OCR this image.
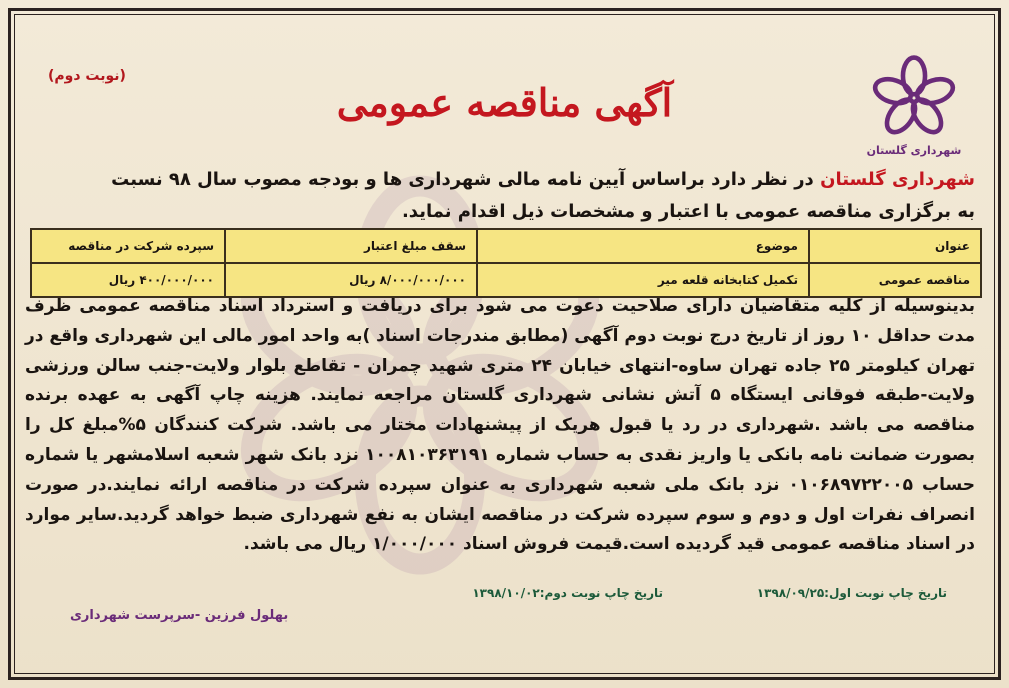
شهرداری گلستان
(نوبت دوم)
آگهی مناقصه عمومی
شهرداری گلستان در نظر دارد براساس آیین نامه مالی شهرداری ها و بودجه مصوب سال ۹۸ نسبت
به برگزاری مناقصه عمومی با اعتبار و مشخصات ذیل اقدام نماید.
عنوان	موضوع	سقف مبلغ اعتبار	سپرده شرکت در مناقصه
مناقصه عمومی	تکمیل کتابخانه قلعه میر	۸/۰۰۰/۰۰۰/۰۰۰ ریال	۴۰۰/۰۰۰/۰۰۰ ریال
بدینوسیله از کلیه متقاضیان دارای صلاحیت دعوت می شود برای دریافت و استرداد اسناد مناقصه عمومی ظرف مدت حداقل ۱۰ روز از تاریخ درج نوبت دوم آگهی (مطابق مندرجات اسناد )به واحد امور مالی این شهرداری واقع در تهران کیلومتر ۲۵ جاده تهران ساوه-انتهای خیابان ۲۴ متری شهید چمران - تقاطع بلوار ولایت-جنب سالن ورزشی ولایت-طبقه فوقانی ایستگاه ۵ آتش نشانی شهرداری گلستان مراجعه نمایند. هزینه چاپ آگهی به عهده برنده مناقصه می باشد .شهرداری در رد یا قبول هریک از پیشنهادات مختار می باشد. شرکت کنندگان ۵%مبلغ کل را بصورت ضمانت نامه بانکی یا واریز نقدی به حساب شماره ۱۰۰۸۱۰۳۶۳۱۹۱ نزد بانک شهر شعبه اسلامشهر یا شماره حساب ۰۱۰۶۸۹۷۲۲۰۰۵ نزد بانک ملی شعبه شهرداری به عنوان سپرده شرکت در مناقصه ارائه نمایند.در صورت انصراف نفرات اول و دوم و سوم سپرده شرکت در مناقصه ایشان به نفع شهرداری ضبط خواهد گردید.سایر موارد در اسناد مناقصه عمومی قید گردیده است.قیمت فروش اسناد ۱/۰۰۰/۰۰۰ ریال می باشد.
تاریخ چاپ نوبت اول:۱۳۹۸/۰۹/۲۵
تاریخ چاپ نوبت دوم:۱۳۹۸/۱۰/۰۲
بهلول فرزین -سرپرست شهرداری
